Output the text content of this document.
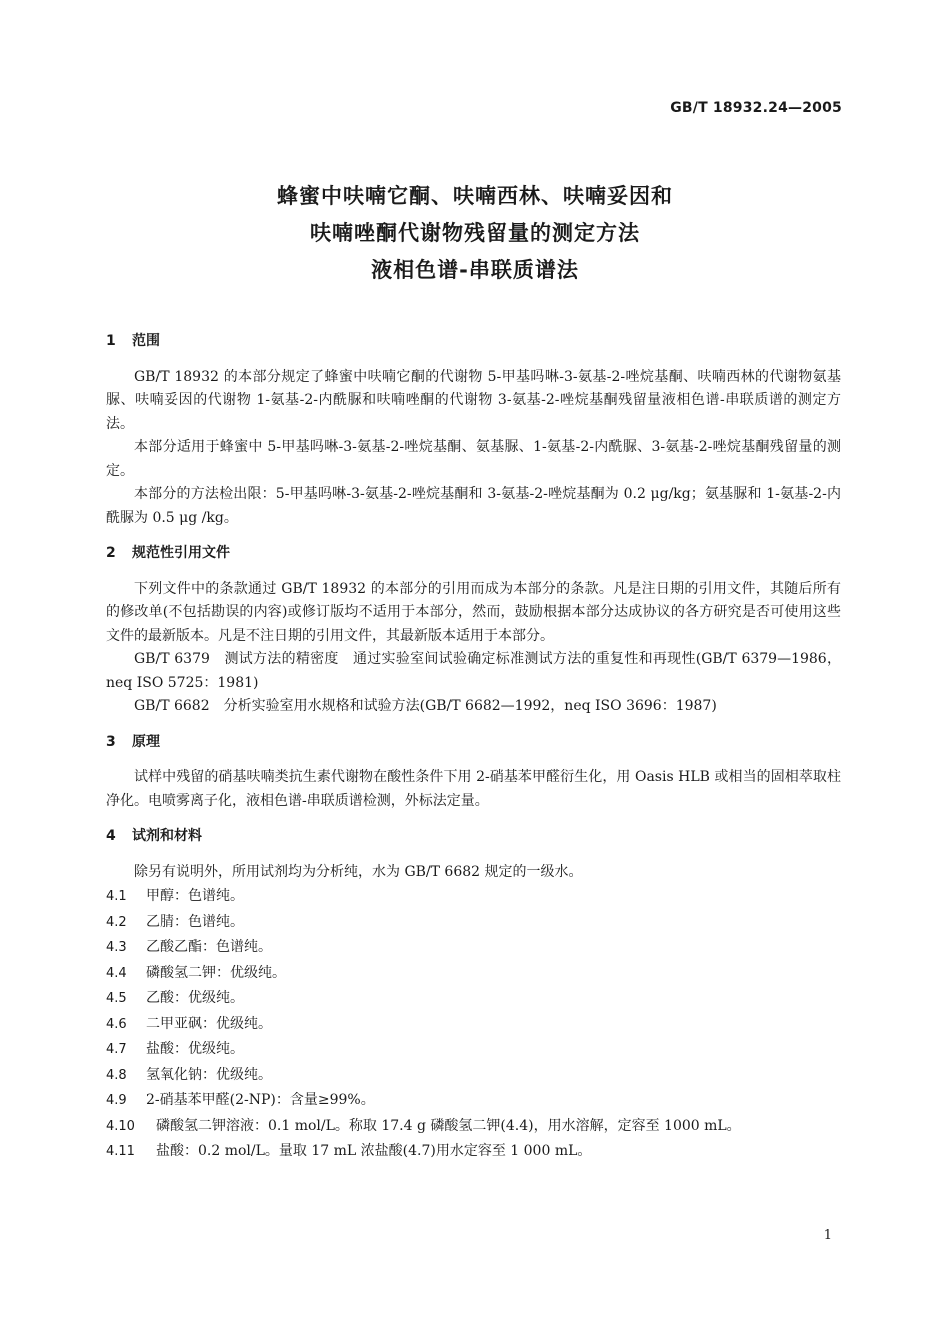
GB/T 18932.24—2005
蜂蜜中呋喃它酮、呋喃西林、呋喃妥因和
呋喃唑酮代谢物残留量的测定方法
液相色谱-串联质谱法
1 范围

GB/T 18932 的本部分规定了蜂蜜中呋喃它酮的代谢物 5-甲基吗啉-3-氨基-2-唑烷基酮、呋喃西林的代谢物氨基脲、呋喃妥因的代谢物 1-氨基-2-内酰脲和呋喃唑酮的代谢物 3-氨基-2-唑烷基酮残留量液相色谱-串联质谱的测定方法。

本部分适用于蜂蜜中 5-甲基吗啉-3-氨基-2-唑烷基酮、氨基脲、1-氨基-2-内酰脲、3-氨基-2-唑烷基酮残留量的测定。

本部分的方法检出限：5-甲基吗啉-3-氨基-2-唑烷基酮和 3-氨基-2-唑烷基酮为 0.2 μg/kg；氨基脲和 1-氨基-2-内酰脲为 0.5 μg /kg。

2 规范性引用文件

下列文件中的条款通过 GB/T 18932 的本部分的引用而成为本部分的条款。凡是注日期的引用文件，其随后所有的修改单(不包括勘误的内容)或修订版均不适用于本部分，然而，鼓励根据本部分达成协议的各方研究是否可使用这些文件的最新版本。凡是不注日期的引用文件，其最新版本适用于本部分。

GB/T 6379　测试方法的精密度　通过实验室间试验确定标准测试方法的重复性和再现性(GB/T 6379—1986，neq ISO 5725：1981)

GB/T 6682　分析实验室用水规格和试验方法(GB/T 6682—1992，neq ISO 3696：1987)

3 原理

试样中残留的硝基呋喃类抗生素代谢物在酸性条件下用 2-硝基苯甲醛衍生化，用 Oasis HLB 或相当的固相萃取柱净化。电喷雾离子化，液相色谱-串联质谱检测，外标法定量。

4 试剂和材料

除另有说明外，所用试剂均为分析纯，水为 GB/T 6682 规定的一级水。

4.1 甲醇：色谱纯。
4.2 乙腈：色谱纯。
4.3 乙酸乙酯：色谱纯。
4.4 磷酸氢二钾：优级纯。
4.5 乙酸：优级纯。
4.6 二甲亚砜：优级纯。
4.7 盐酸：优级纯。
4.8 氢氧化钠：优级纯。
4.9 2-硝基苯甲醛(2-NP)：含量≥99%。
4.10 磷酸氢二钾溶液：0.1 mol/L。称取 17.4 g 磷酸氢二钾(4.4)，用水溶解，定容至 1000 mL。
4.11 盐酸：0.2 mol/L。量取 17 mL 浓盐酸(4.7)用水定容至 1 000 mL。
1
